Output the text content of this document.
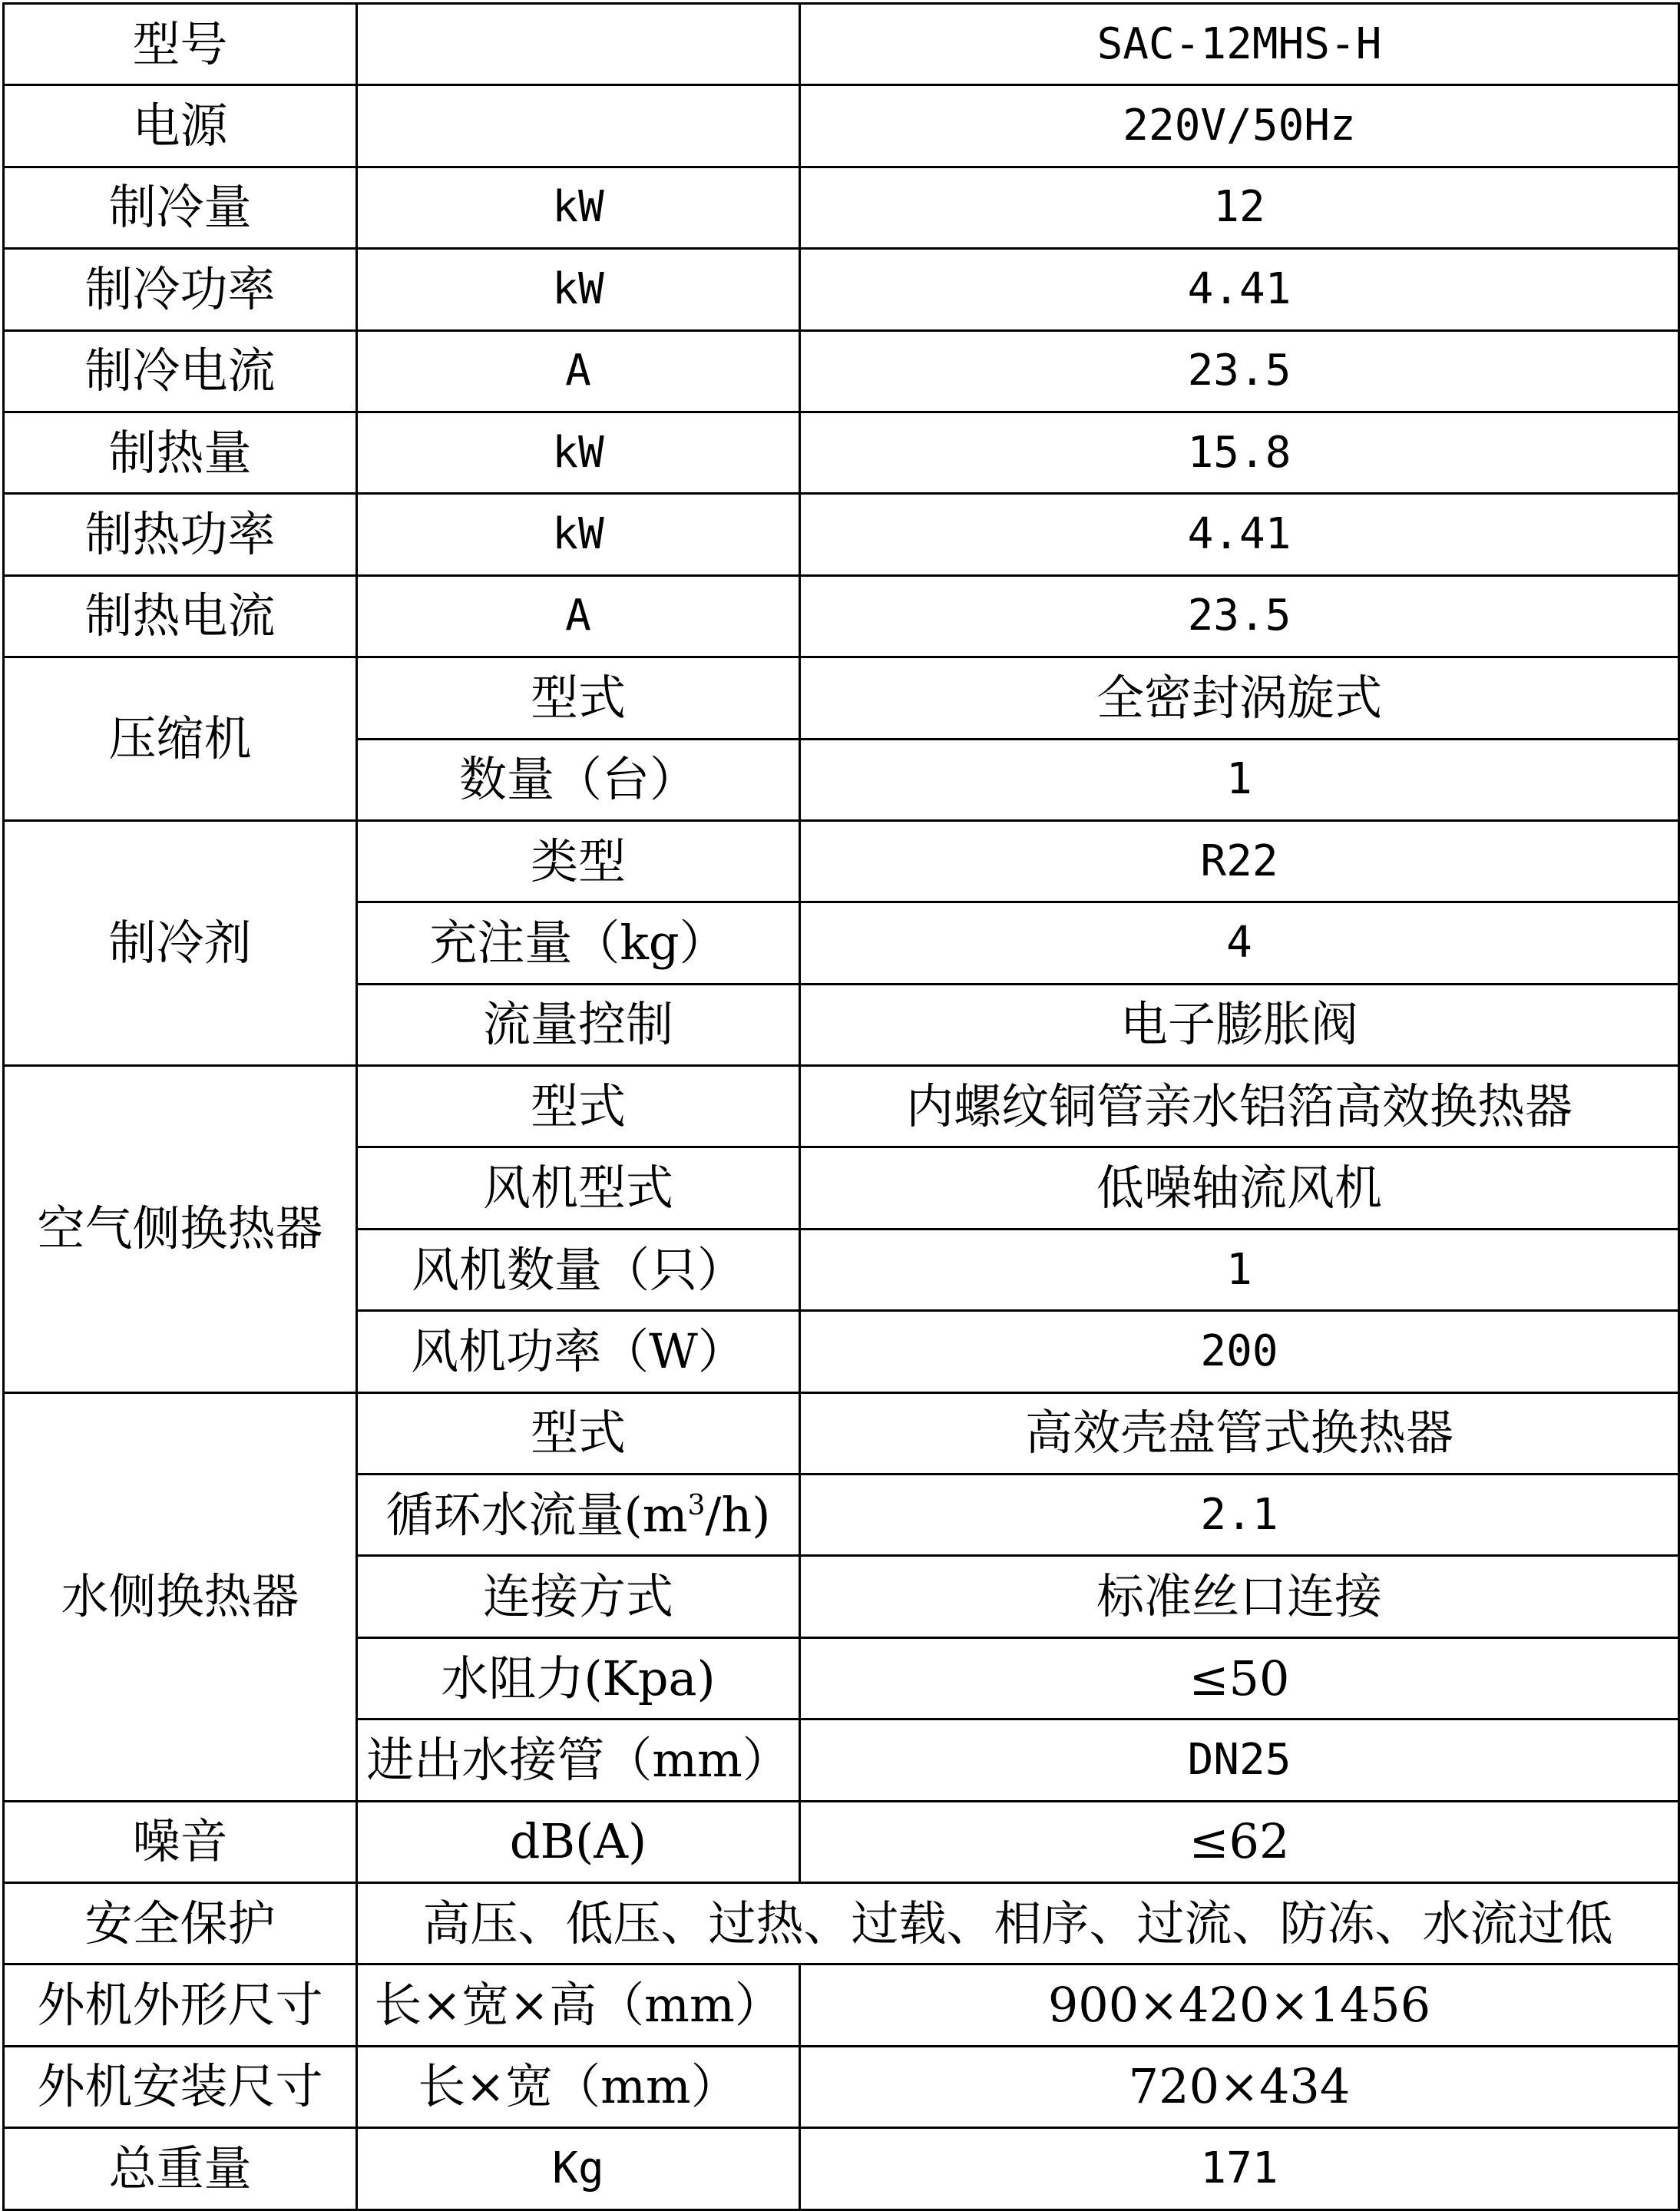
型号		SAC-12MHS-H
电源		220V/50Hz
制冷量	kW	12
制冷功率	kW	4.41
制冷电流	A	23.5
制热量	kW	15.8
制热功率	kW	4.41
制热电流	A	23.5
压缩机	型式	全密封涡旋式
	数量（台）	1
制冷剂	类型	R22
	充注量（kg）	4
	流量控制	电子膨胀阀
空气侧换热器	型式	内螺纹铜管亲水铝箔高效换热器
	风机型式	低噪轴流风机
	风机数量（只）	1
	风机功率（W）	200
水侧换热器	型式	高效壳盘管式换热器
	循环水流量$(m^3/h)$	2.1
	连接方式	标准丝口连接
	水阻力(Kpa)	≤50
	进出水接管（mm）	DN25
噪音	dB(A)	≤62
安全保护	高压、低压、过热、过载、相序、过流、防冻、水流过低	
外机外形尺寸	长×宽×高（mm）	900×420×1456
外机安装尺寸	长×宽（mm）	720×434
总重量	Kg	171
